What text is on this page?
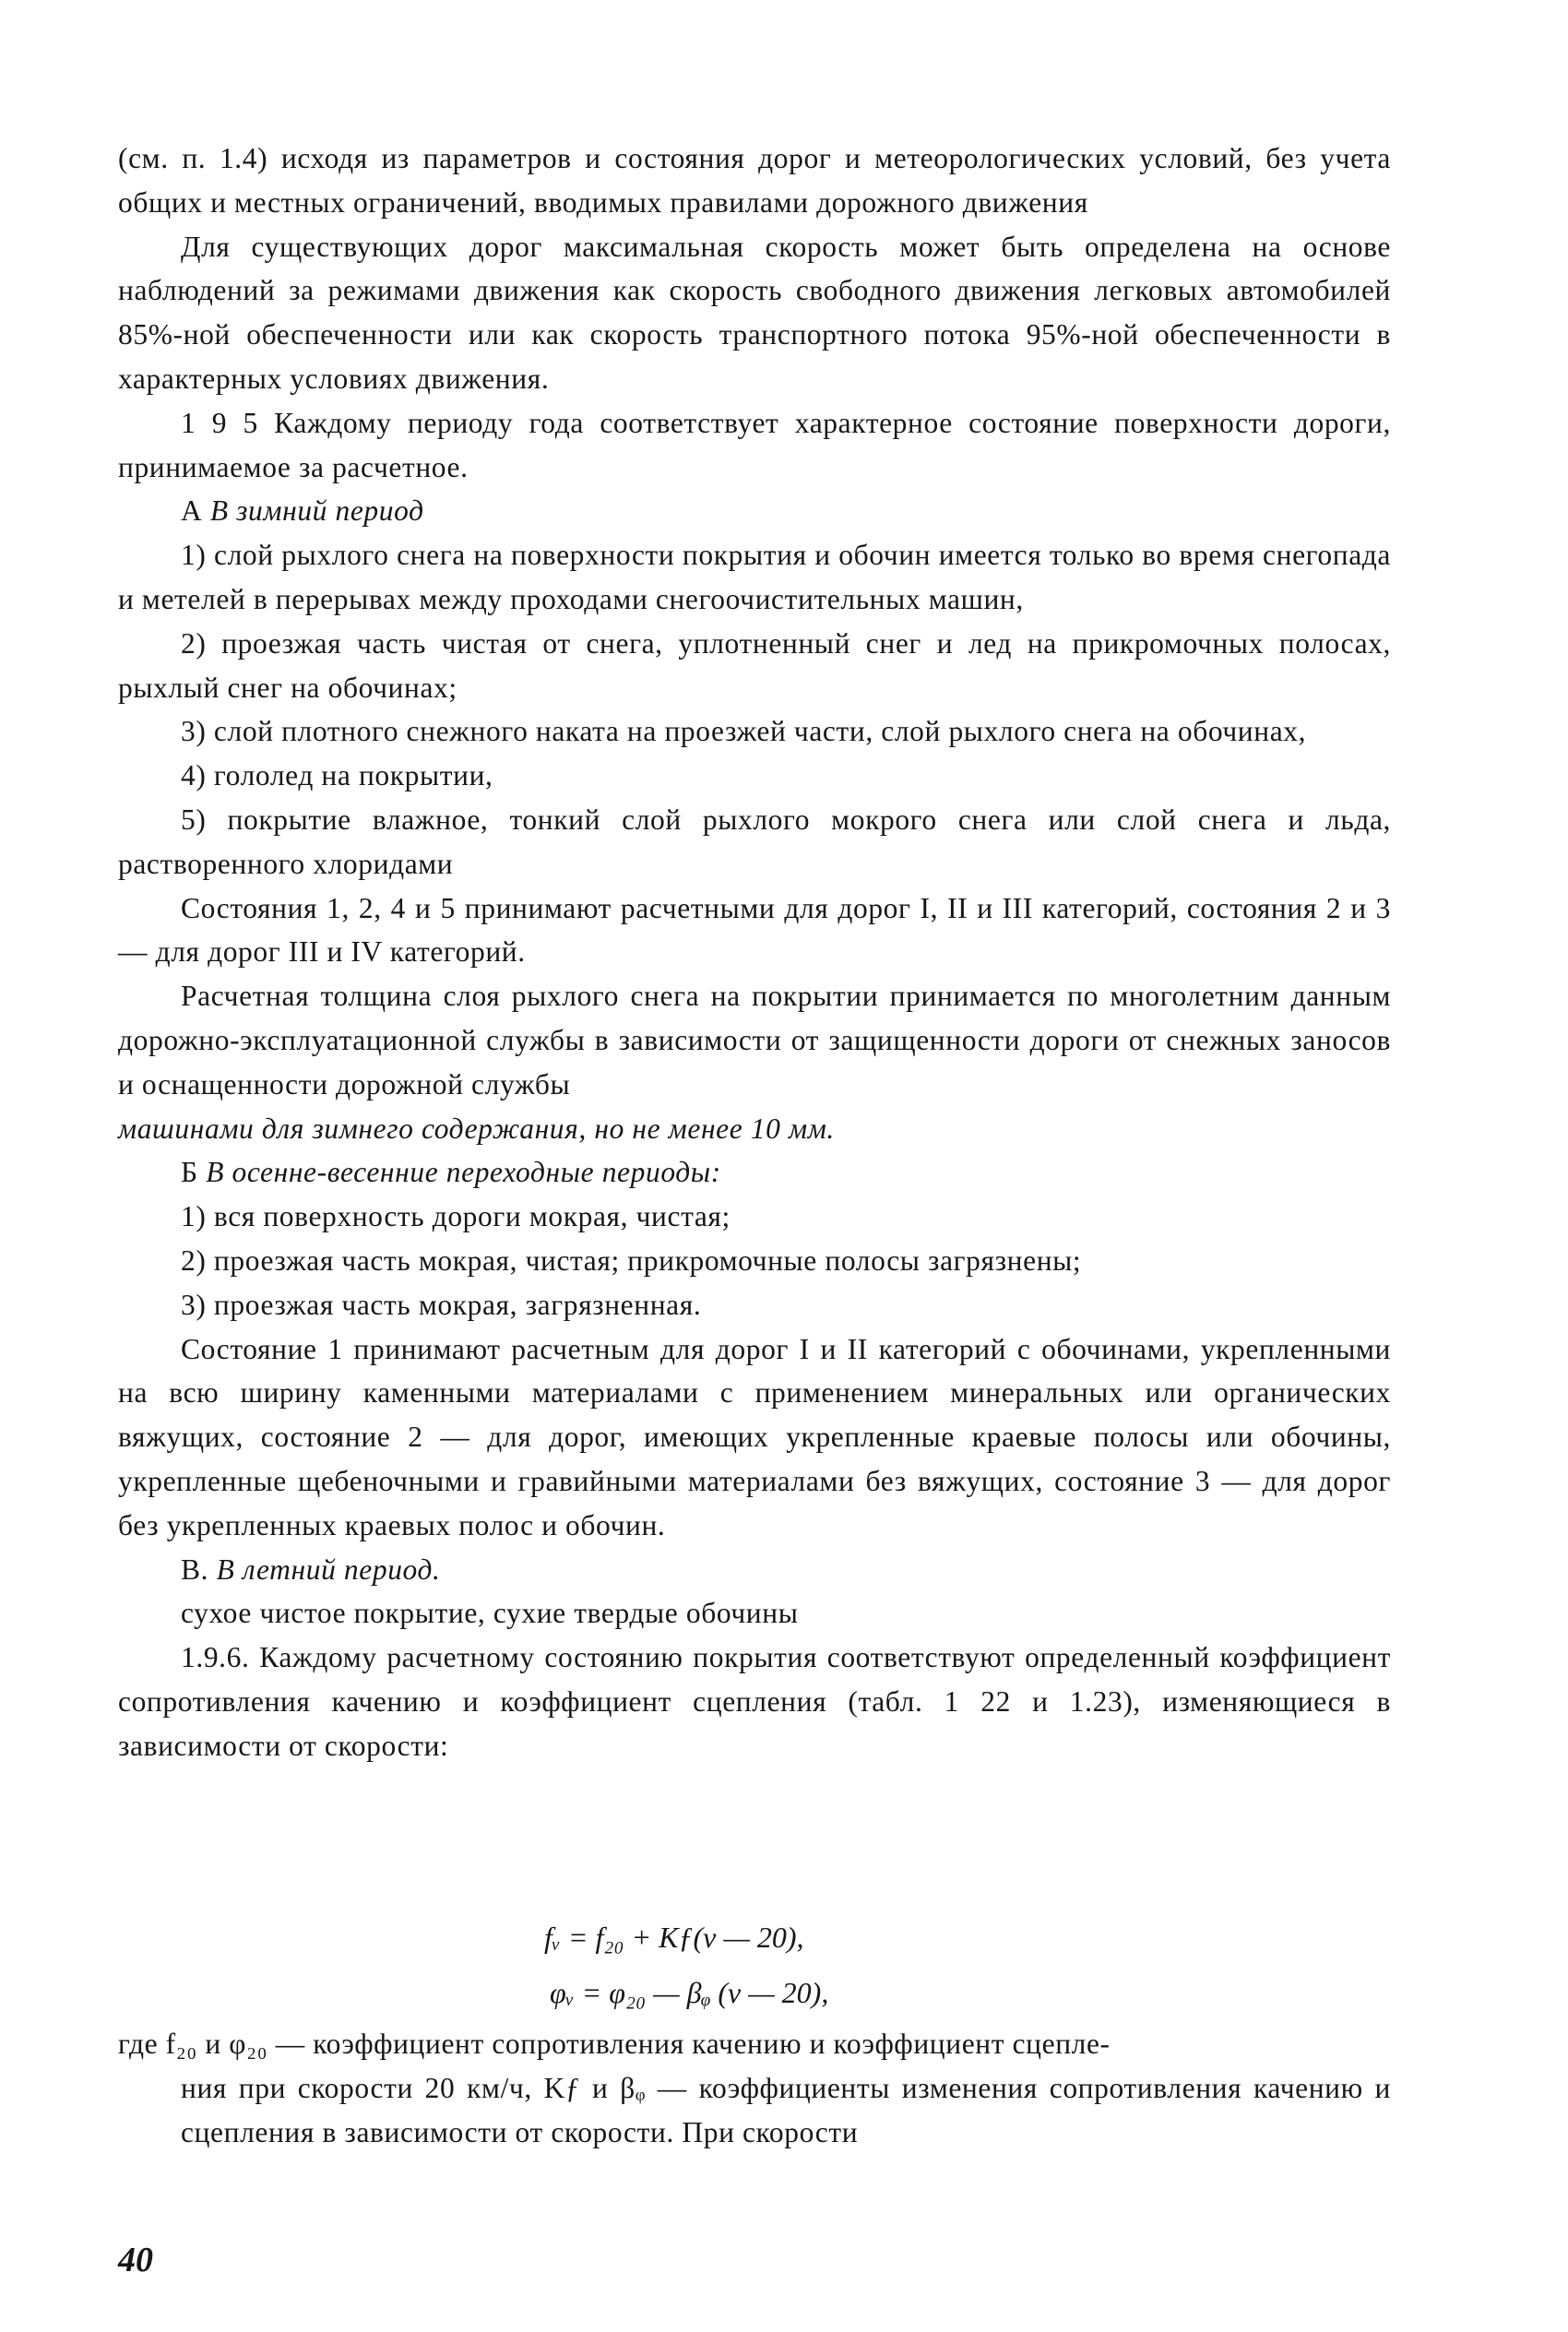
(см. п. 1.4) исходя из параметров и состояния дорог и метеорологических условий, без учета общих и местных ограничений, вводимых правилами дорожного движения

Для существующих дорог максимальная скорость может быть определена на основе наблюдений за режимами движения как скорость свободного движения легковых автомобилей 85%-ной обеспеченности или как скорость транспортного потока 95%-ной обеспеченности в характерных условиях движения.

1 9 5 Каждому периоду года соответствует характерное состояние поверхности дороги, принимаемое за расчетное.

А В зимний период

1) слой рыхлого снега на поверхности покрытия и обочин имеется только во время снегопада и метелей в перерывах между проходами снегоочистительных машин,

2) проезжая часть чистая от снега, уплотненный снег и лед на прикромочных полосах, рыхлый снег на обочинах;

3) слой плотного снежного наката на проезжей части, слой рыхлого снега на обочинах,

4) гололед на покрытии,

5) покрытие влажное, тонкий слой рыхлого мокрого снега или слой снега и льда, растворенного хлоридами

Состояния 1, 2, 4 и 5 принимают расчетными для дорог I, II и III категорий, состояния 2 и 3 — для дорог III и IV категорий.

Расчетная толщина слоя рыхлого снега на покрытии принимается по многолетним данным дорожно-эксплуатационной службы в зависимости от защищенности дороги от снежных заносов и оснащенности дорожной службы

машинами для зимнего содержания, но не менее 10 мм.

Б В осенне-весенние переходные периоды:

1) вся поверхность дороги мокрая, чистая;

2) проезжая часть мокрая, чистая; прикромочные полосы загрязнены;

3) проезжая часть мокрая, загрязненная.

Состояние 1 принимают расчетным для дорог I и II категорий с обочинами, укрепленными на всю ширину каменными материалами с применением минеральных или органических вяжущих, состояние 2 — для дорог, имеющих укрепленные краевые полосы или обочины, укрепленные щебеночными и гравийными материалами без вяжущих, состояние 3 — для дорог без укрепленных краевых полос и обочин.

В. В летний период.

сухое чистое покрытие, сухие твердые обочины

1.9.6. Каждому расчетному состоянию покрытия соответствуют определенный коэффициент сопротивления качению и коэффициент сцепления (табл. 1 22 и 1.23), изменяющиеся в зависимости от скорости:

fᵥ = f₂₀ + Kƒ(v — 20),
φᵥ = φ₂₀ — βᵩ (v — 20),

где f₂₀ и φ₂₀ — коэффициент сопротивления качению и коэффициент сцепле-

ния при скорости 20 км/ч, Kƒ и βᵩ — коэффициенты изменения сопротивления качению и сцепления в зависимости от скорости. При скорости

40
